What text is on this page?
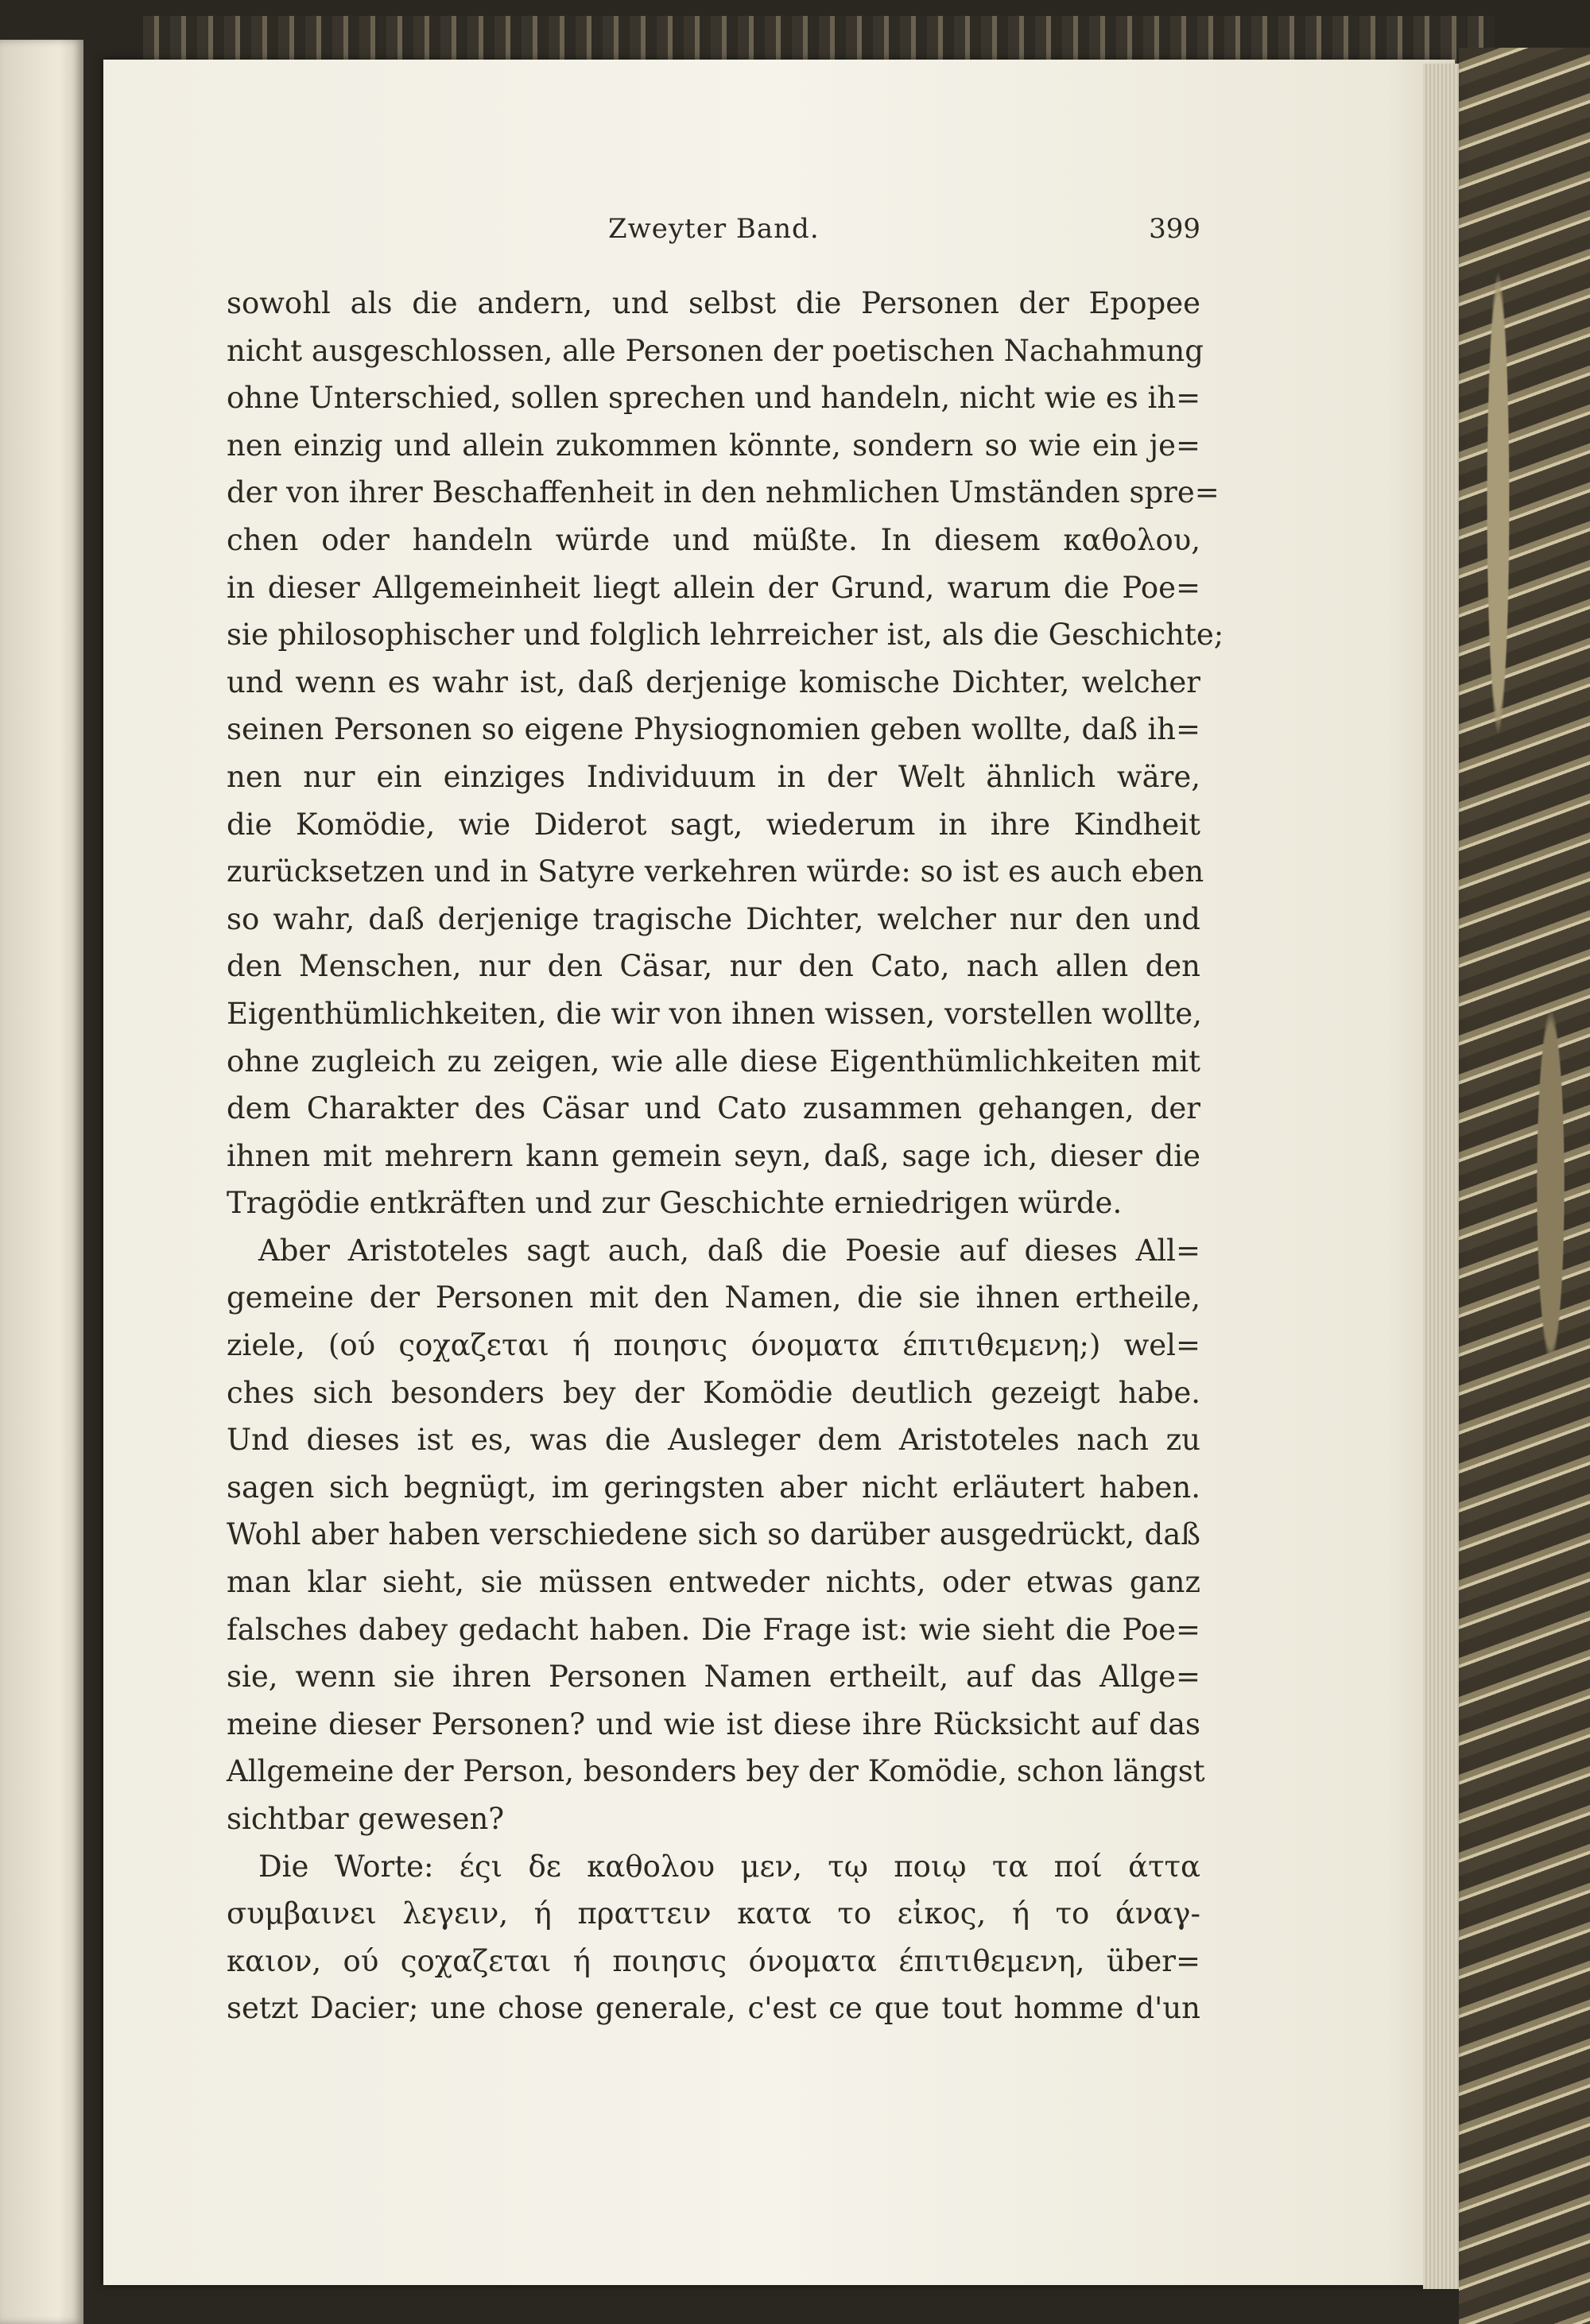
Zweyter Band.	399
sowohl als die andern, und selbst die Personen der Epopee
nicht ausgeschlossen, alle Personen der poetischen Nachahmung
ohne Unterschied, sollen sprechen und handeln, nicht wie es ih=
nen einzig und allein zukommen könnte, sondern so wie ein je=
der von ihrer Beschaffenheit in den nehmlichen Umständen spre=
chen oder handeln würde und müßte. In diesem καθολου,
in dieser Allgemeinheit liegt allein der Grund, warum die Poe=
sie philosophischer und folglich lehrreicher ist, als die Geschichte;
und wenn es wahr ist, daß derjenige komische Dichter, welcher
seinen Personen so eigene Physiognomien geben wollte, daß ih=
nen nur ein einziges Individuum in der Welt ähnlich wäre,
die Komödie, wie Diderot sagt, wiederum in ihre Kindheit
zurücksetzen und in Satyre verkehren würde: so ist es auch eben
so wahr, daß derjenige tragische Dichter, welcher nur den und
den Menschen, nur den Cäsar, nur den Cato, nach allen den
Eigenthümlichkeiten, die wir von ihnen wissen, vorstellen wollte,
ohne zugleich zu zeigen, wie alle diese Eigenthümlichkeiten mit
dem Charakter des Cäsar und Cato zusammen gehangen, der
ihnen mit mehrern kann gemein seyn, daß, sage ich, dieser die
Tragödie entkräften und zur Geschichte erniedrigen würde.
Aber Aristoteles sagt auch, daß die Poesie auf dieses All=
gemeine der Personen mit den Namen, die sie ihnen ertheile,
ziele, (ού ςοχαζεται ή ποιησις όνοματα έπιτιθεμενη;) wel=
ches sich besonders bey der Komödie deutlich gezeigt habe.
Und dieses ist es, was die Ausleger dem Aristoteles nach zu
sagen sich begnügt, im geringsten aber nicht erläutert haben.
Wohl aber haben verschiedene sich so darüber ausgedrückt, daß
man klar sieht, sie müssen entweder nichts, oder etwas ganz
falsches dabey gedacht haben. Die Frage ist: wie sieht die Poe=
sie, wenn sie ihren Personen Namen ertheilt, auf das Allge=
meine dieser Personen? und wie ist diese ihre Rücksicht auf das
Allgemeine der Person, besonders bey der Komödie, schon längst
sichtbar gewesen?
Die Worte: έςι δε καθολου μεν, τῳ ποιῳ τα ποί άττα
συμβαινει λεγειν, ή πραττειν κατα το εἰκος, ή το άναγ-
καιον, ού ςοχαζεται ή ποιησις όνοματα έπιτιθεμενη, über=
setzt Dacier; une chose generale, c'est ce que tout homme d'un
